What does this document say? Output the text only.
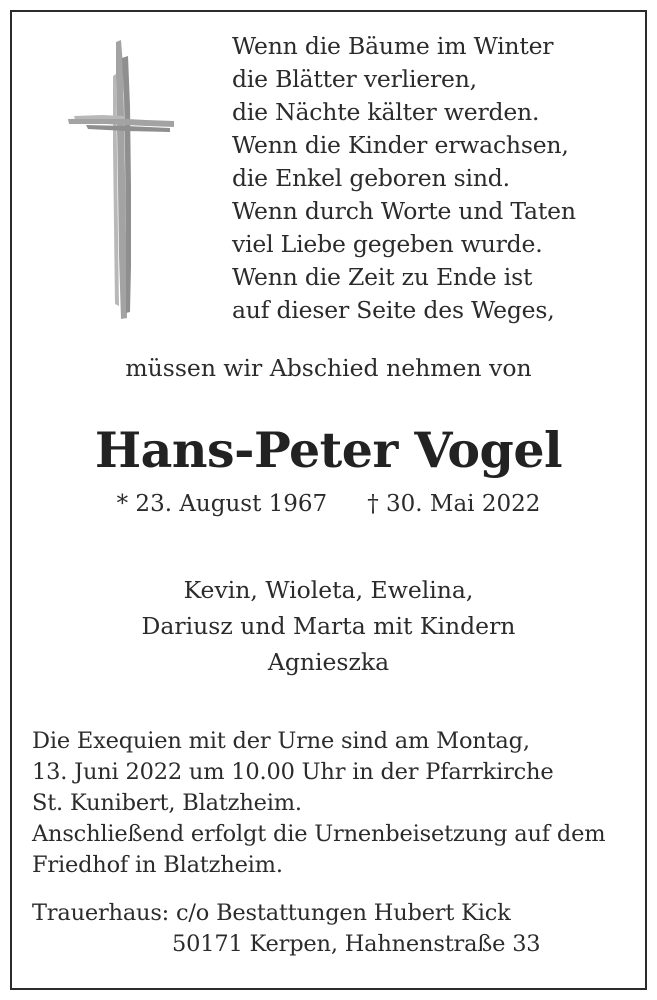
Wenn die Bäume im Winter
die Blätter verlieren,
die Nächte kälter werden.
Wenn die Kinder erwachsen,
die Enkel geboren sind.
Wenn durch Worte und Taten
viel Liebe gegeben wurde.
Wenn die Zeit zu Ende ist
auf dieser Seite des Weges,
müssen wir Abschied nehmen von
Hans-Peter Vogel
* 23. August 1967 † 30. Mai 2022
Kevin, Wioleta, Ewelina,
Dariusz und Marta mit Kindern
Agnieszka
Die Exequien mit der Urne sind am Montag,
13. Juni 2022 um 10.00 Uhr in der Pfarrkirche
St. Kunibert, Blatzheim.
Anschließend erfolgt die Urnenbeisetzung auf dem
Friedhof in Blatzheim.
Trauerhaus: c/o Bestattungen Hubert Kick
50171 Kerpen, Hahnenstraße 33
